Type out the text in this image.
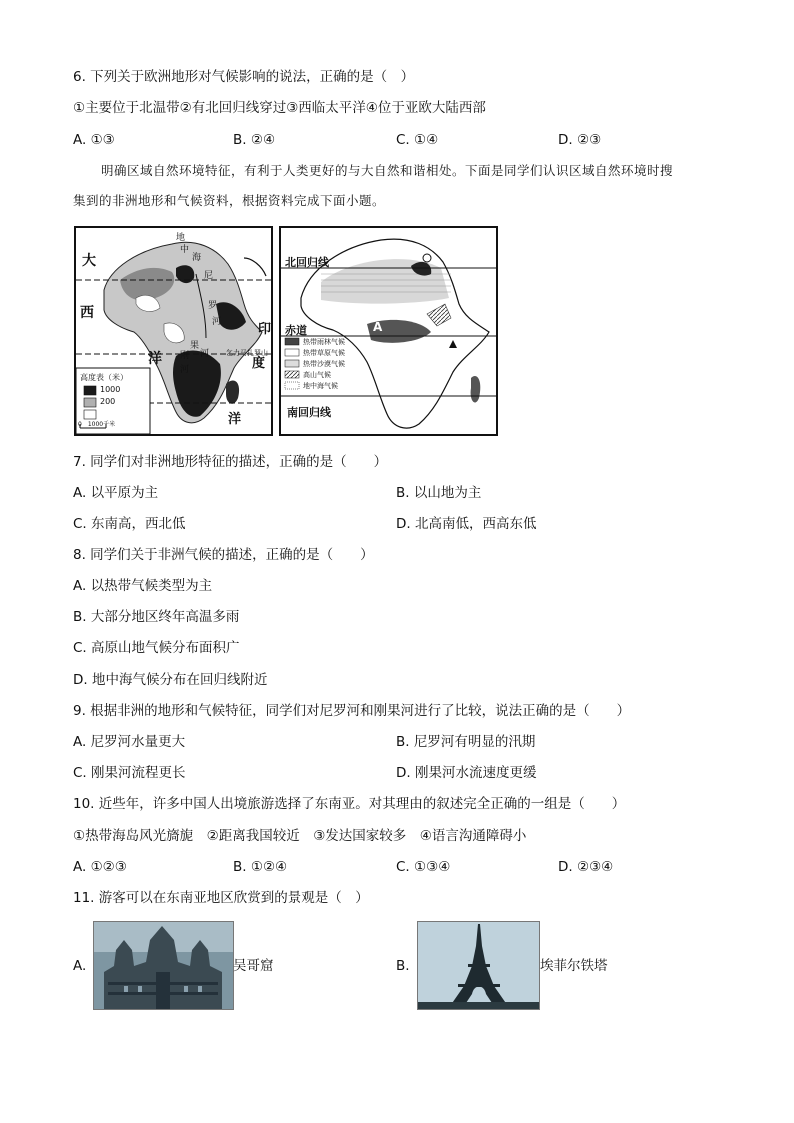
6. 下列关于欧洲地形对气候影响的说法，正确的是（　）
①主要位于北温带②有北回归线穿过③西临太平洋④位于亚欧大陆西部
A. ①③	B. ②④	C. ①④	D. ②③
明确区域自然环境特征，有利于人类更好的与大自然和谐相处。下面是同学们认识区域自然环境时搜
集到的非洲地形和气候资料，根据资料完成下面小题。
大
西
洋
印
度
洋
地
中
海
尼
罗
河
果
刚 河
河
乞力马扎罗山
高度表（米）
1000
200
0　1000千米
北回归线
赤道
南回归线
A
热带雨林气候
热带草原气候
热带沙漠气候
高山气候
地中海气候
7. 同学们对非洲地形特征的描述，正确的是（　　）
A. 以平原为主	B. 以山地为主
C. 东南高，西北低	D. 北高南低，西高东低
8. 同学们关于非洲气候的描述，正确的是（　　）
A. 以热带气候类型为主
B. 大部分地区终年高温多雨
C. 高原山地气候分布面积广
D. 地中海气候分布在回归线附近
9. 根据非洲的地形和气候特征，同学们对尼罗河和刚果河进行了比较，说法正确的是（　　）
A. 尼罗河水量更大	B. 尼罗河有明显的汛期
C. 刚果河流程更长	D. 刚果河水流速度更缓
10. 近些年，许多中国人出境旅游选择了东南亚。对其理由的叙述完全正确的一组是（　　）
①热带海岛风光旖旎　②距离我国较近　③发达国家较多　④语言沟通障碍小
A. ①②③	B. ①②④	C. ①③④	D. ②③④
11. 游客可以在东南亚地区欣赏到的景观是（　）
A.	吴哥窟	B.	埃菲尔铁塔
